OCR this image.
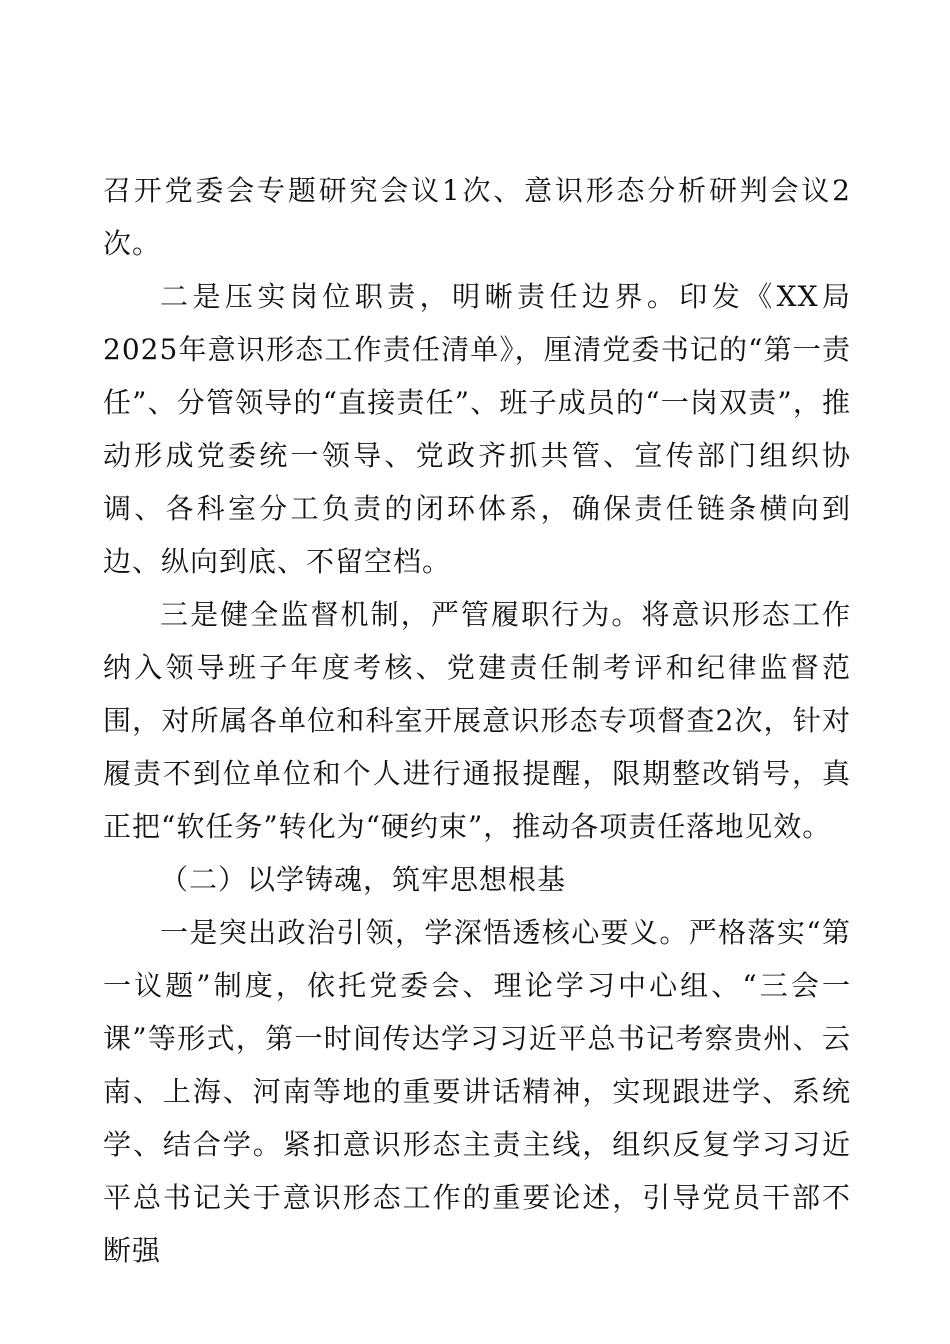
召开党委会专题研究会议1次、意识形态分析研判会议2次。

二是压实岗位职责，明晰责任边界。印发《XX局2025年意识形态工作责任清单》，厘清党委书记的“第一责任”、分管领导的“直接责任”、班子成员的“一岗双责”，推动形成党委统一领导、党政齐抓共管、宣传部门组织协调、各科室分工负责的闭环体系，确保责任链条横向到边、纵向到底、不留空档。

三是健全监督机制，严管履职行为。将意识形态工作纳入领导班子年度考核、党建责任制考评和纪律监督范围，对所属各单位和科室开展意识形态专项督查2次，针对履责不到位单位和个人进行通报提醒，限期整改销号，真正把“软任务”转化为“硬约束”，推动各项责任落地见效。

（二）以学铸魂，筑牢思想根基

一是突出政治引领，学深悟透核心要义。严格落实“第一议题”制度，依托党委会、理论学习中心组、“三会一课”等形式，第一时间传达学习习近平总书记考察贵州、云南、上海、河南等地的重要讲话精神，实现跟进学、系统学、结合学。紧扣意识形态主责主线，组织反复学习习近平总书记关于意识形态工作的重要论述，引导党员干部不断强
